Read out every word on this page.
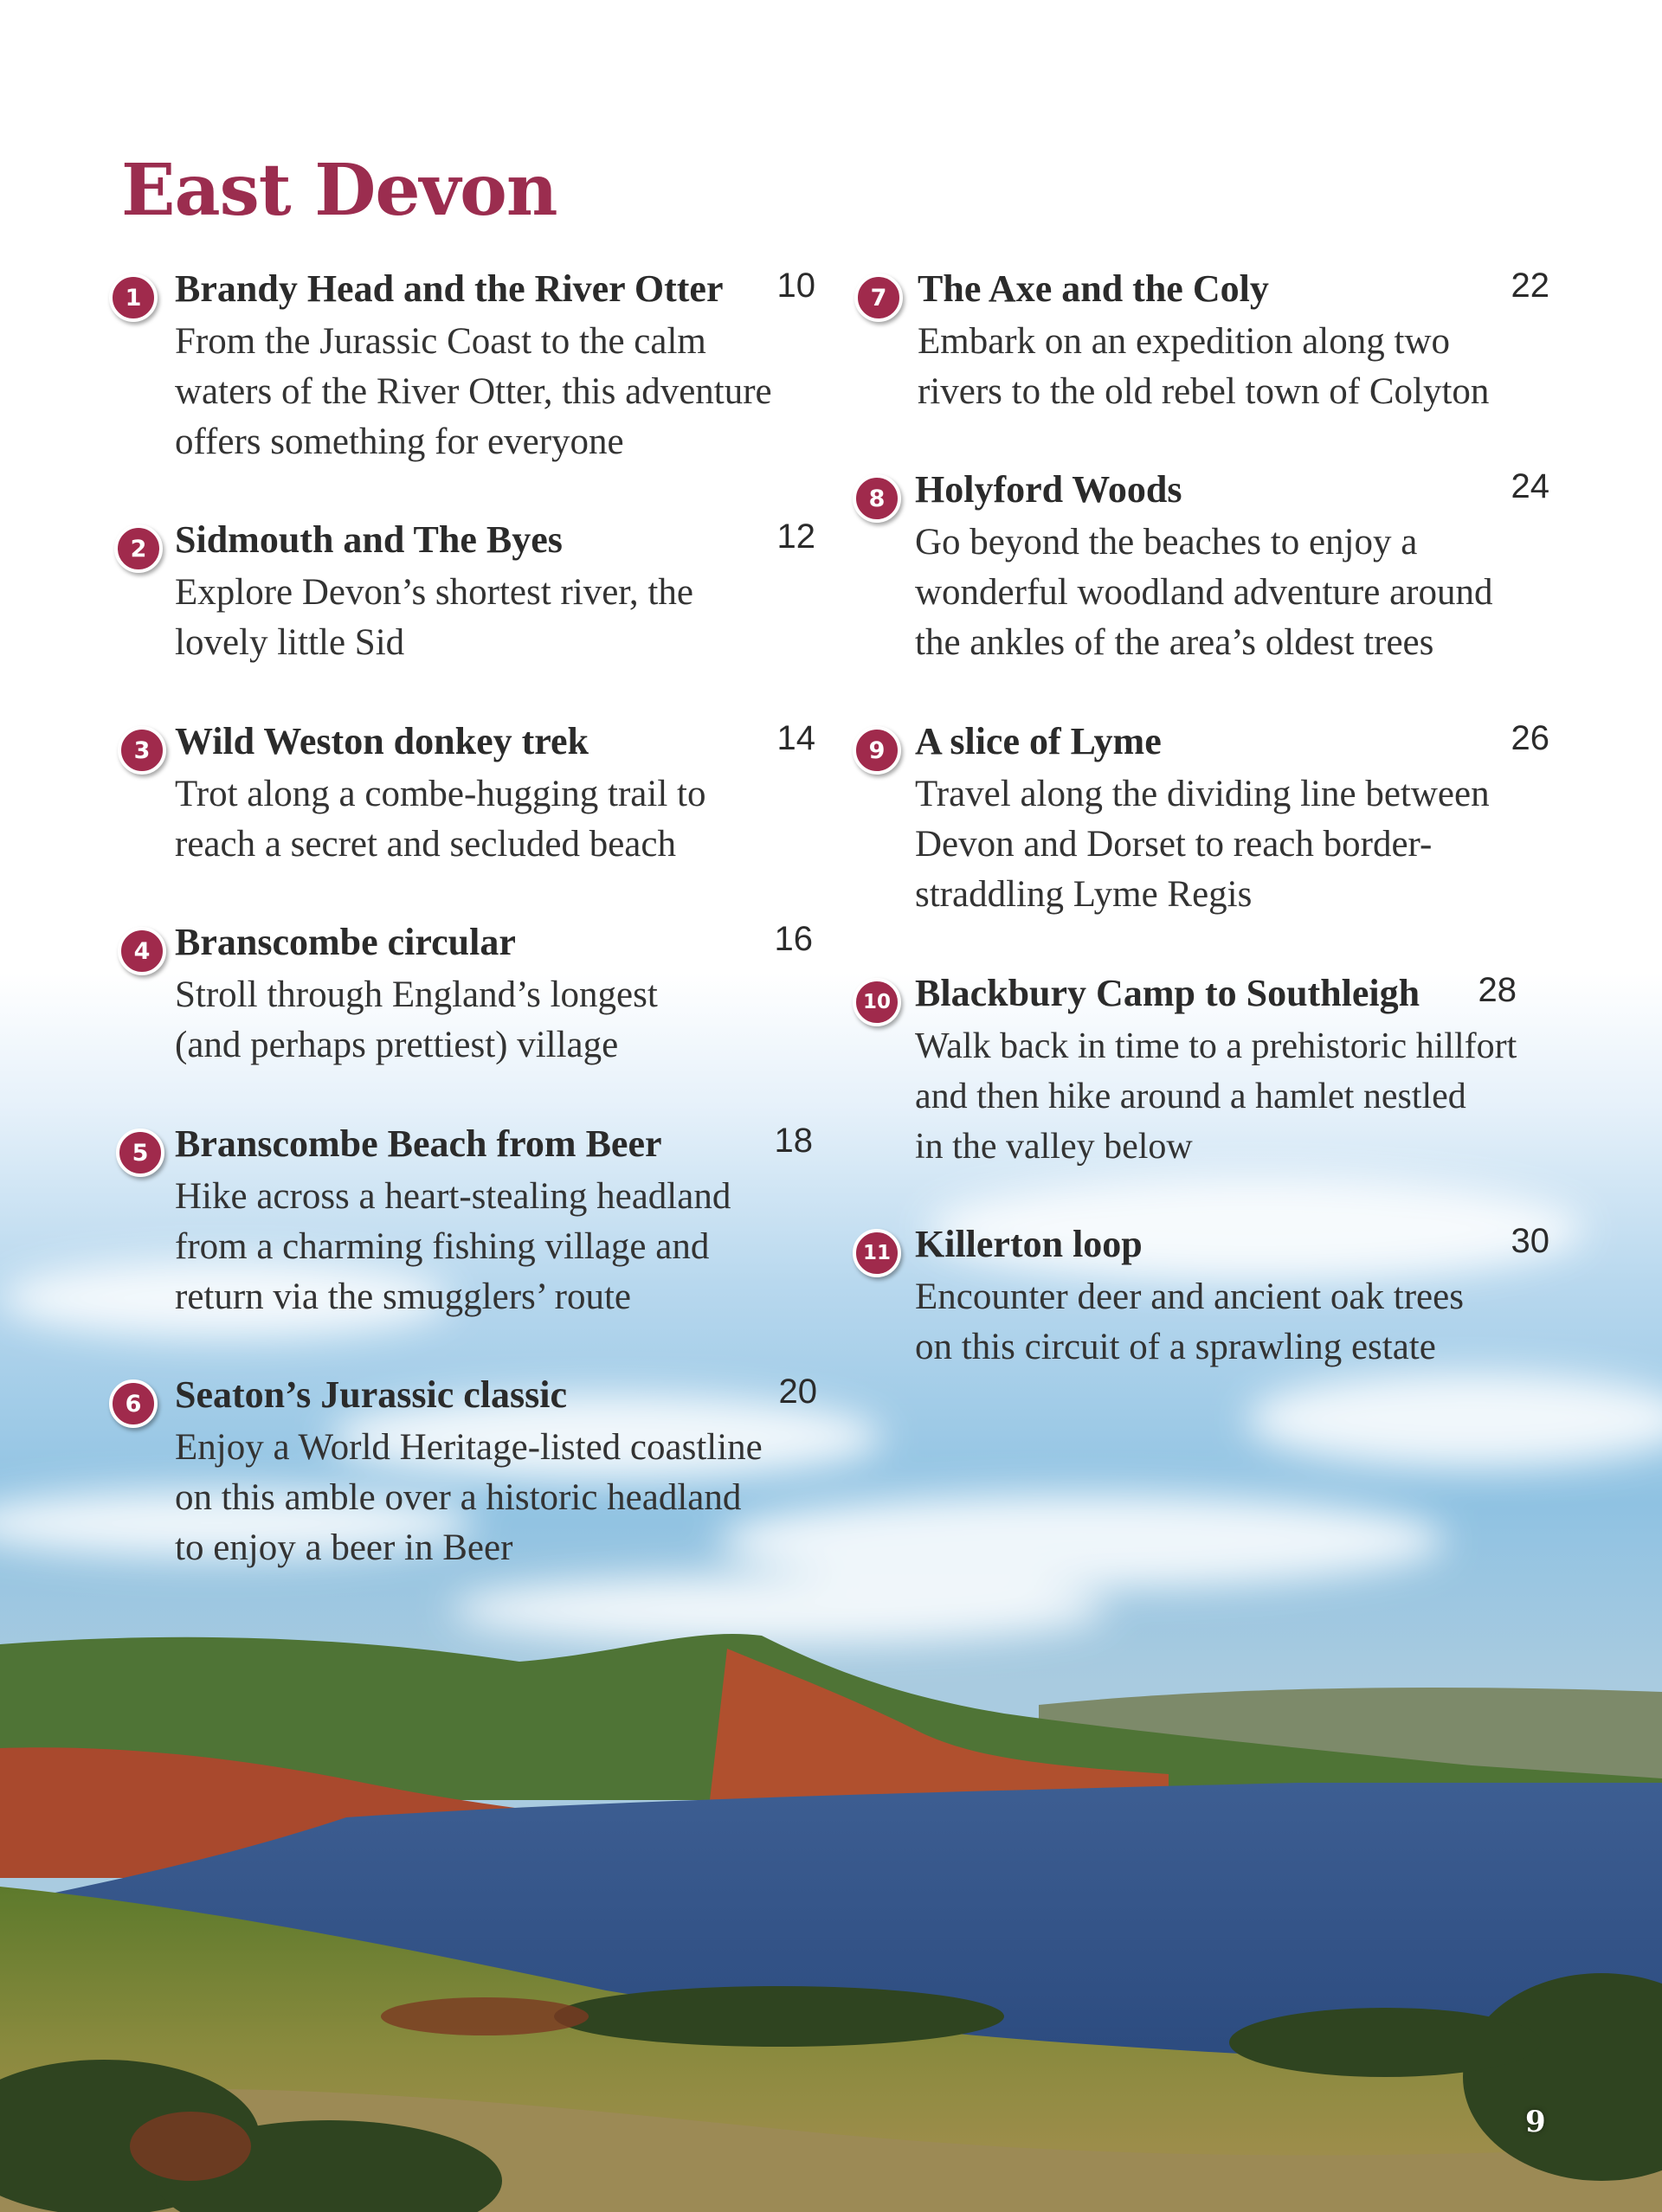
East Devon
1 Brandy Head and the River Otter 10

From the Jurassic Coast to the calm
waters of the River Otter, this adventure
offers something for everyone

2 Sidmouth and The Byes	12

Explore Devon’s shortest river, the
lovely little Sid

3 Wild Weston donkey trek	14

Trot along a combe-hugging trail to
reach a secret and secluded beach

4 Branscombe circular	16

Stroll through England’s longest
(and perhaps prettiest) village

5 Branscombe Beach from Beer	18

Hike across a heart-stealing headland
from a charming fishing village and
return via the smugglers’ route

6 Seaton’s Jurassic classic	20

Enjoy a World Heritage-listed coastline
on this amble over a historic headland
to enjoy a beer in Beer

7 The Axe and the Coly	22

Embark on an expedition along two
rivers to the old rebel town of Colyton

8 Holyford Woods	24

Go beyond the beaches to enjoy a
wonderful woodland adventure around
the ankles of the area’s oldest trees

9 A slice of Lyme	26

Travel along the dividing line between
Devon and Dorset to reach border-
straddling Lyme Regis

10 Blackbury Camp to Southleigh 28

Walk back in time to a prehistoric hillfort
and then hike around a hamlet nestled
in the valley below

11 Killerton loop	30

Encounter deer and ancient oak trees
on this circuit of a sprawling estate

9
